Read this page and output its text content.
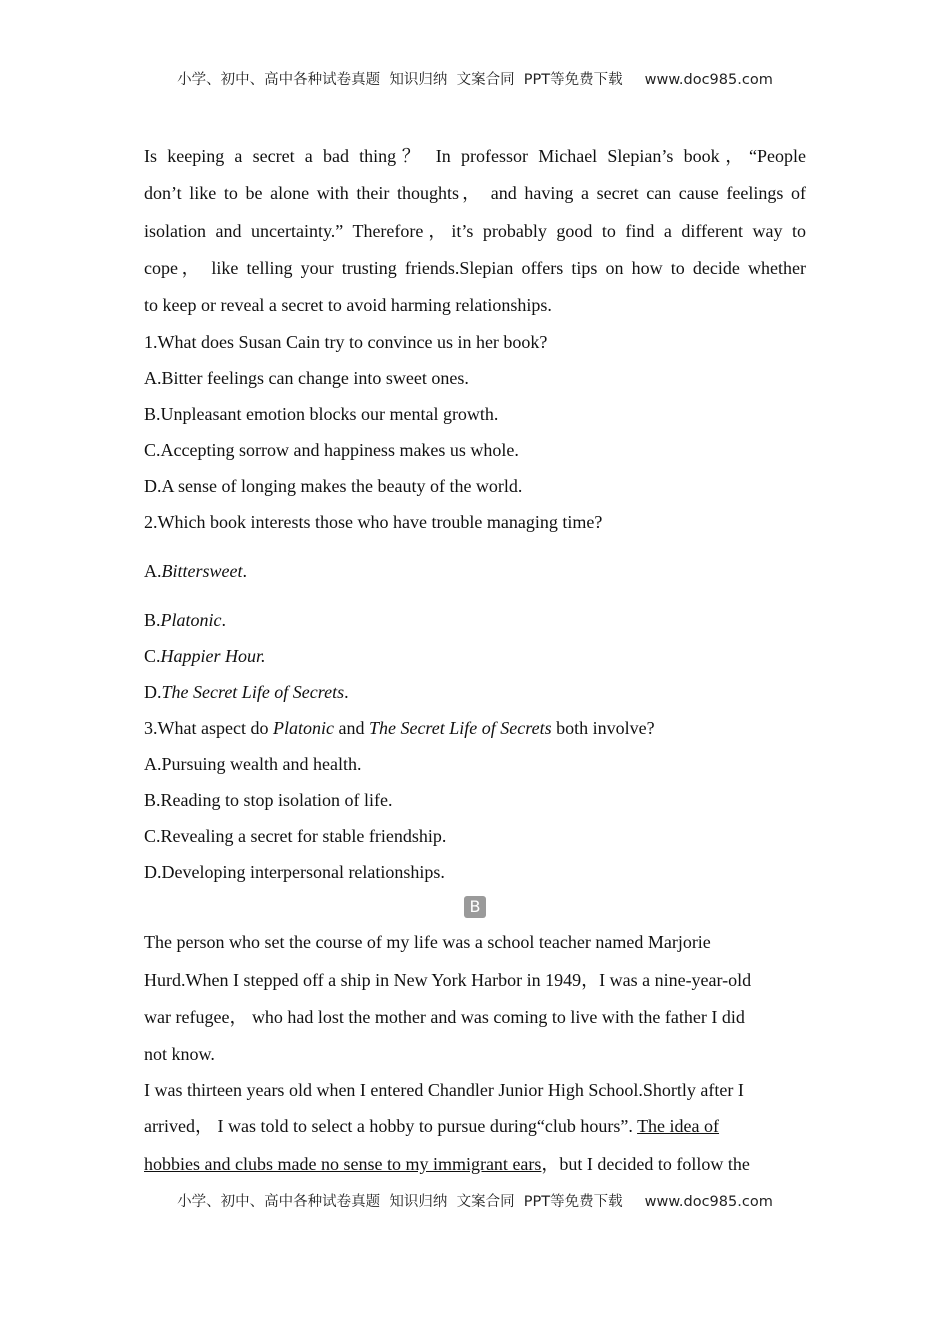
小学、初中、高中各种试卷真题  知识归纳  文案合同  PPT等免费下载 www.doc985.com

Is keeping a secret a bad thing？ In professor Michael Slepian’s book，“People

don’t like to be alone with their thoughts， and having a secret can cause feelings of

isolation and uncertainty.” Therefore，it’s probably good to find a different way to

cope， like telling your trusting friends.Slepian offers tips on how to decide whether

to keep or reveal a secret to avoid harming relationships.

1.What does Susan Cain try to convince us in her book?

A.Bitter feelings can change into sweet ones.

B.Unpleasant emotion blocks our mental growth.

C.Accepting sorrow and happiness makes us whole.

D.A sense of longing makes the beauty of the world.

2.Which book interests those who have trouble managing time?

A.Bittersweet.

B.Platonic.

C.Happier Hour.

D.The Secret Life of Secrets.

3.What aspect do Platonic and The Secret Life of Secrets both involve?

A.Pursuing wealth and health.

B.Reading to stop isolation of life.

C.Revealing a secret for stable friendship.

D.Developing interpersonal relationships.

B

The person who set the course of my life was a school teacher named Marjorie

Hurd.When I stepped off a ship in New York Harbor in 1949，I was a nine-year-old

war refugee， who had lost the mother and was coming to live with the father I did

not know.

I was thirteen years old when I entered Chandler Junior High School.Shortly after I

arrived， I was told to select a hobby to pursue during“club hours”. The idea of

hobbies and clubs made no sense to my immigrant ears，but I decided to follow the

小学、初中、高中各种试卷真题  知识归纳  文案合同  PPT等免费下载 www.doc985.com
